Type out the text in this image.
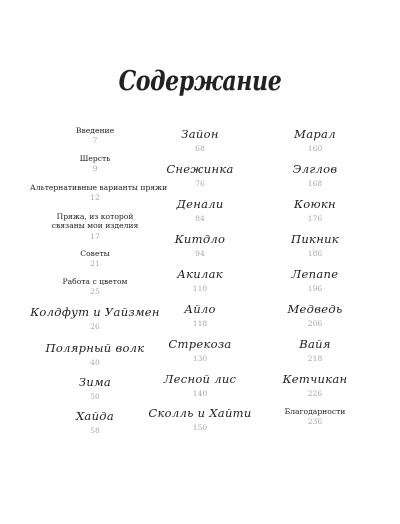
Содержание
Введение
7
Шерсть
9
Альтернативные варианты пряжи
12
Пряжа, из которой связаны мои изделия
17
Советы
21
Работа с цветом
25
Колдфут и Уайзмен
26
Полярный волк
40
Зима
50
Хайда
58
Зайон
68
Снежинка
76
Денали
84
Китдло
94
Акилак
110
Айло
118
Стрекоза
130
Лесной лис
140
Сколль и Хайти
150
Марал
160
Элглов
168
Коюкн
176
Пикник
186
Лепапе
196
Медведь
206
Вайя
218
Кетчикан
226
Благодарности
236
